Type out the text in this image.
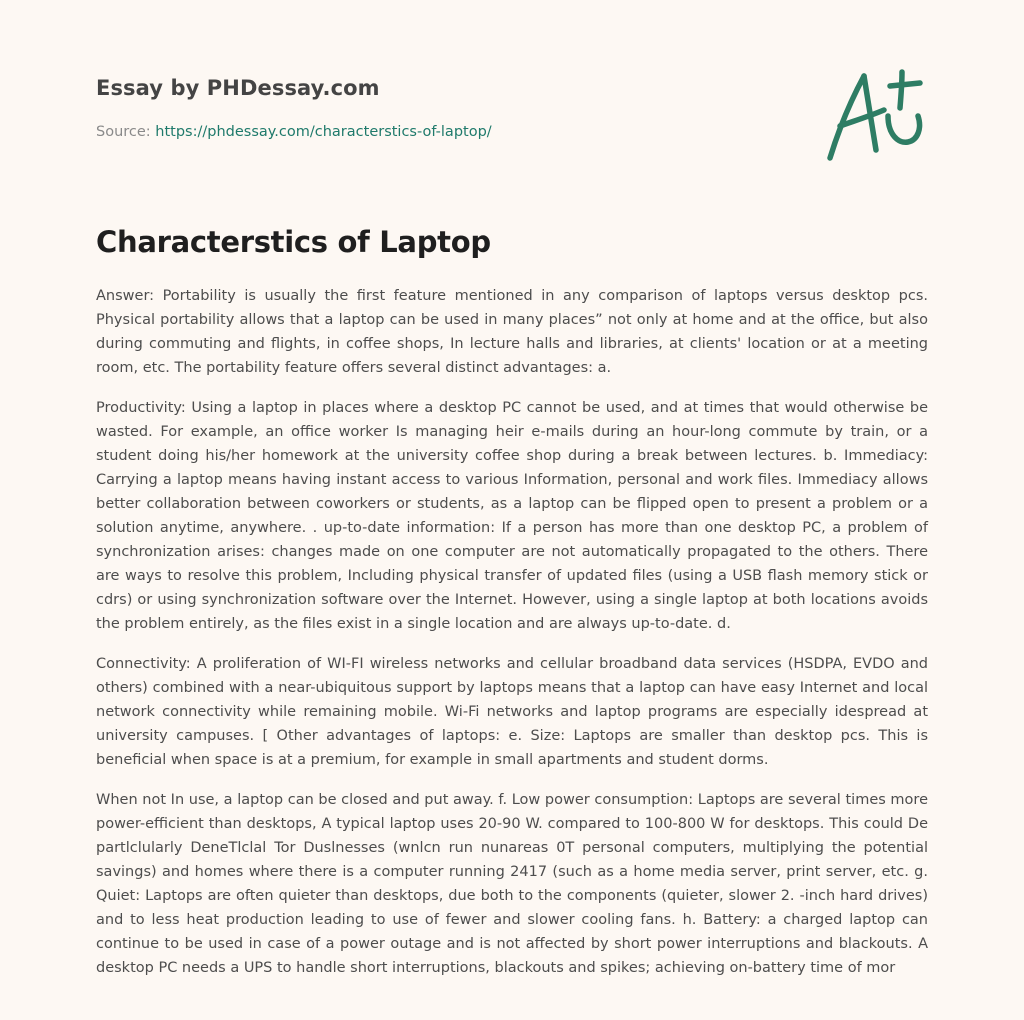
Essay by PHDessay.com
Source: https://phdessay.com/characterstics-of-laptop/
Characterstics of Laptop

Answer: Portability is usually the first feature mentioned in any comparison of laptops versus desktop pcs. Physical portability allows that a laptop can be used in many places” not only at home and at the office, but also during commuting and flights, in coffee shops, In lecture halls and libraries, at clients' location or at a meeting room, etc. The portability feature offers several distinct advantages: a.

Productivity: Using a laptop in places where a desktop PC cannot be used, and at times that would otherwise be wasted. For example, an office worker Is managing heir e-mails during an hour-long commute by train, or a student doing his/her homework at the university coffee shop during a break between lectures. b. Immediacy: Carrying a laptop means having instant access to various Information, personal and work files. Immediacy allows better collaboration between coworkers or students, as a laptop can be flipped open to present a problem or a solution anytime, anywhere. . up-to-date information: If a person has more than one desktop PC, a problem of synchronization arises: changes made on one computer are not automatically propagated to the others. There are ways to resolve this problem, Including physical transfer of updated files (using a USB flash memory stick or cdrs) or using synchronization software over the Internet. However, using a single laptop at both locations avoids the problem entirely, as the files exist in a single location and are always up-to-date. d.

Connectivity: A proliferation of WI-FI wireless networks and cellular broadband data services (HSDPA, EVDO and others) combined with a near-ubiquitous support by laptops means that a laptop can have easy Internet and local network connectivity while remaining mobile. Wi-Fi networks and laptop programs are especially idespread at university campuses. [ Other advantages of laptops: e. Size: Laptops are smaller than desktop pcs. This is beneficial when space is at a premium, for example in small apartments and student dorms.

When not In use, a laptop can be closed and put away. f. Low power consumption: Laptops are several times more power-efficient than desktops, A typical laptop uses 20-90 W. compared to 100-800 W for desktops. This could De partlclularly DeneTlclal Tor Duslnesses (wnlcn run nunareas 0T personal computers, multiplying the potential savings) and homes where there is a computer running 2417 (such as a home media server, print server, etc. g. Quiet: Laptops are often quieter than desktops, due both to the components (quieter, slower 2. -inch hard drives) and to less heat production leading to use of fewer and slower cooling fans. h. Battery: a charged laptop can continue to be used in case of a power outage and is not affected by short power interruptions and blackouts. A desktop PC needs a UPS to handle short interruptions, blackouts and spikes; achieving on-battery time of mor
